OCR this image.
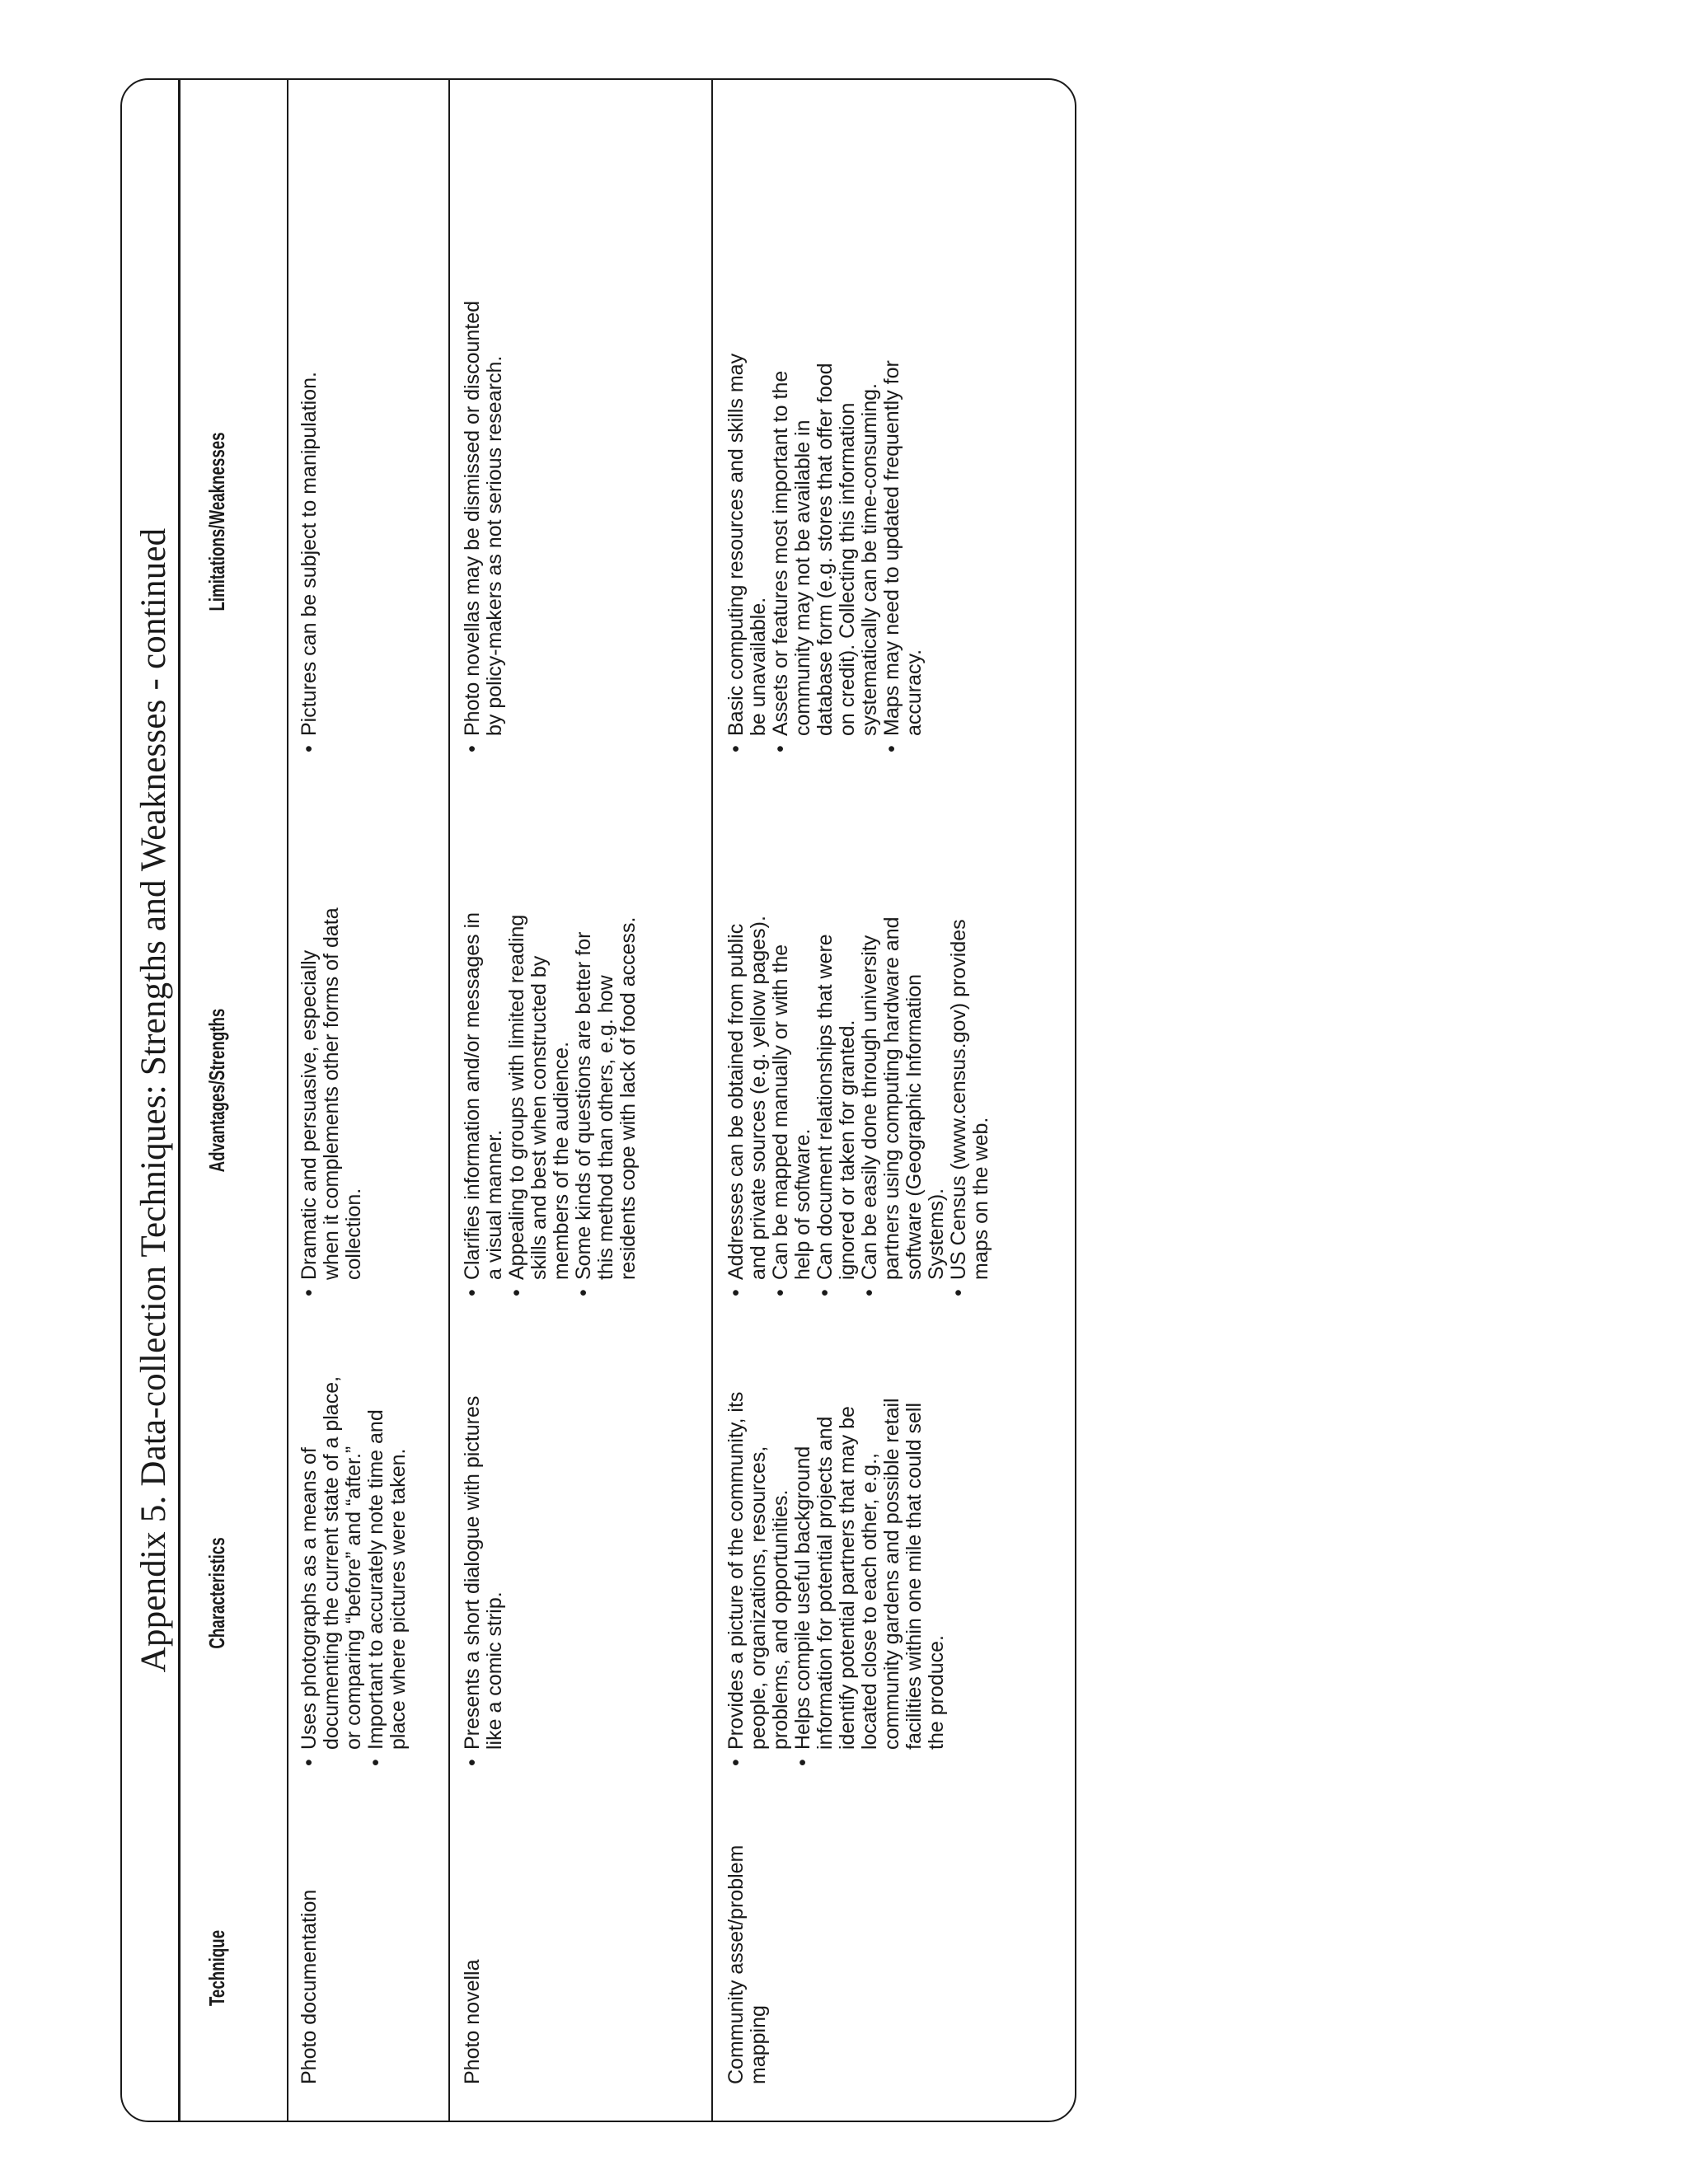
Appendix 5. Data-collection Techniques: Strengths and Weaknesses - continued
Technique
Characteristics
Advantages/Strengths
Limitations/Weaknesses
Photo documentation
• Uses photographs as a means of documenting the current state of a place, or comparing “before” and “after.” • Important to accurately note time and place where pictures were taken.
• Dramatic and persuasive, especially when it complements other forms of data collection.
• Pictures can be subject to manipulation.
Photo novella
• Presents a short dialogue with pictures like a comic strip.
• Clarifies information and/or messages in a visual manner. • Appealing to groups with limited reading skills and best when constructed by members of the audience. • Some kinds of questions are better for this method than others, e.g. how residents cope with lack of food access.
• Photo novellas may be dismissed or discounted by policy-makers as not serious research.
Community asset/problem mapping
• Provides a picture of the community, its people, organizations, resources, problems, and opportunities. • Helps compile useful background information for potential projects and identify potential partners that may be located close to each other, e.g., community gardens and possible retail facilities within one mile that could sell the produce.
• Addresses can be obtained from public and private sources (e.g. yellow pages). • Can be mapped manually or with the help of software. • Can document relationships that were ignored or taken for granted. • Can be easily done through university partners using computing hardware and software (Geographic Information Systems). • US Census (www.census.gov) provides maps on the web.
• Basic computing resources and skills may be unavailable. • Assets or features most important to the community may not be available in database form (e.g. stores that offer food on credit). Collecting this information systematically can be time-consuming. • Maps may need to updated frequently for accuracy.
